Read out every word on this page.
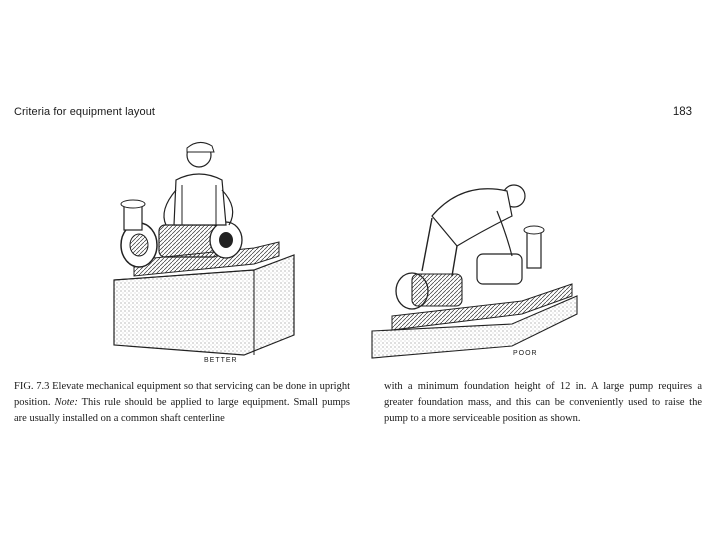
Criteria for equipment layout	183
BETTER
POOR
FIG. 7.3 Elevate mechanical equipment so that servicing can be done in upright position. Note: This rule should be applied to large equipment. Small pumps are usually installed on a common shaft centerline
with a minimum foundation height of 12 in. A large pump requires a greater foundation mass, and this can be conveniently used to raise the pump to a more serviceable position as shown.
